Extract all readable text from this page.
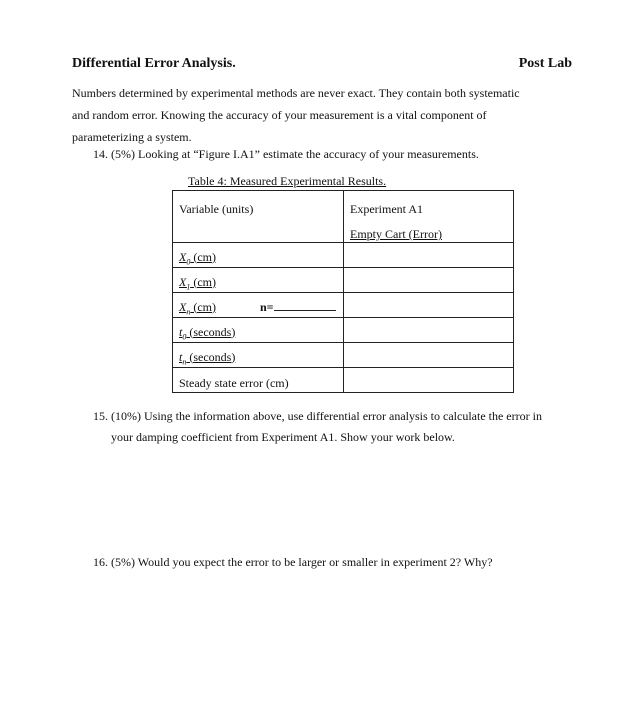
Differential Error Analysis.	Post Lab
Numbers determined by experimental methods are never exact. They contain both systematic
and random error. Knowing the accuracy of your measurement is a vital component of
parameterizing a system.
14. (5%) Looking at “Figure I.A1” estimate the accuracy of your measurements.
Table 4: Measured Experimental Results.
Variable (units)	Experiment A1
Empty Cart (Error)

$X_0$ (cm)	
$X_1$ (cm)	
$X_n$ (cm) n=	
$t_0$ (seconds)	
$t_n$ (seconds)	
Steady state error (cm)	
15. (10%) Using the information above, use differential error analysis to calculate the error in
your damping coefficient from Experiment A1. Show your work below.
16. (5%) Would you expect the error to be larger or smaller in experiment 2? Why?
